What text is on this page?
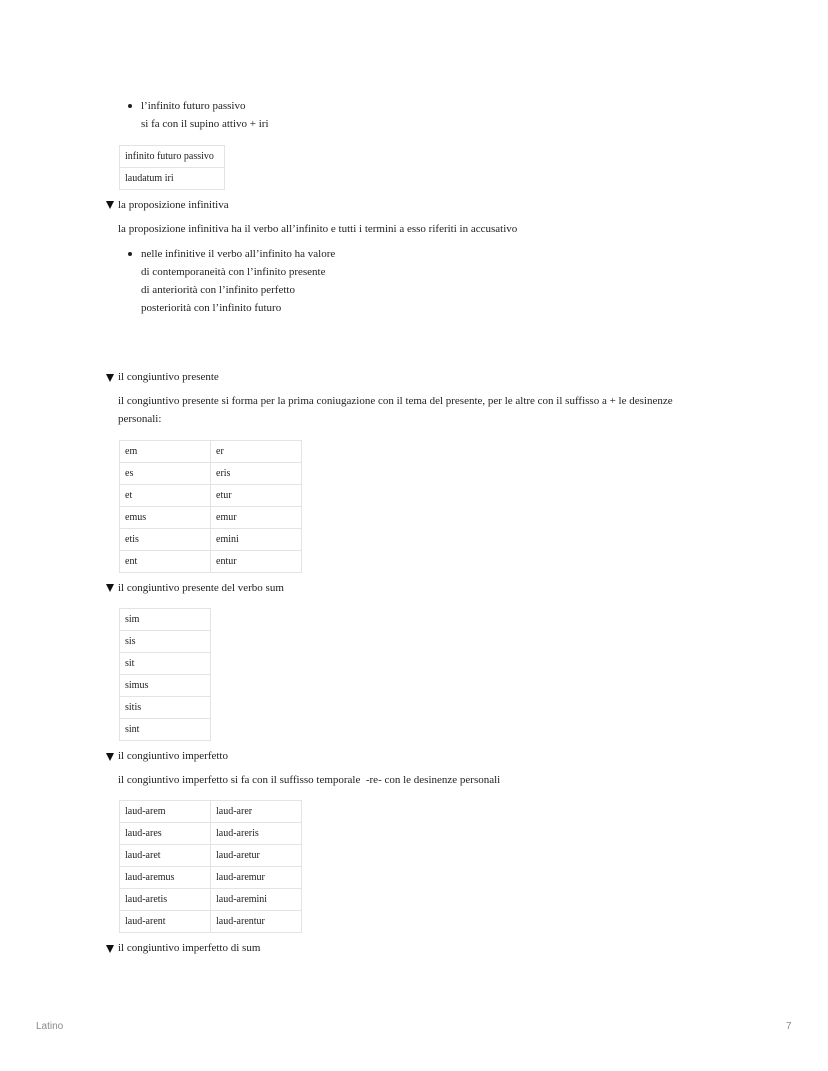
l’infinito futuro passivo
si fa con il supino attivo + iri
infinito futuro passivo
laudatum iri
la proposizione infinitiva
la proposizione infinitiva ha il verbo all’infinito e tutti i termini a esso riferiti in accusativo
nelle infinitive il verbo all’infinito ha valore
di contemporaneità con l’infinito presente
di anteriorità con l’infinito perfetto
posteriorità con l’infinito futuro
il congiuntivo presente
il congiuntivo presente si forma per la prima coniugazione con il tema del presente, per le altre con il suffisso a + le desinenze
personali:
em	er
es	eris
et	etur
emus	emur
etis	emini
ent	entur
il congiuntivo presente del verbo sum
sim
sis
sit
simus
sitis
sint
il congiuntivo imperfetto
il congiuntivo imperfetto si fa con il suffisso temporale  -re- con le desinenze personali
laud-arem	laud-arer
laud-ares	laud-areris
laud-aret	laud-aretur
laud-aremus	laud-aremur
laud-aretis	laud-aremini
laud-arent	laud-arentur
il congiuntivo imperfetto di sum
Latino	7
